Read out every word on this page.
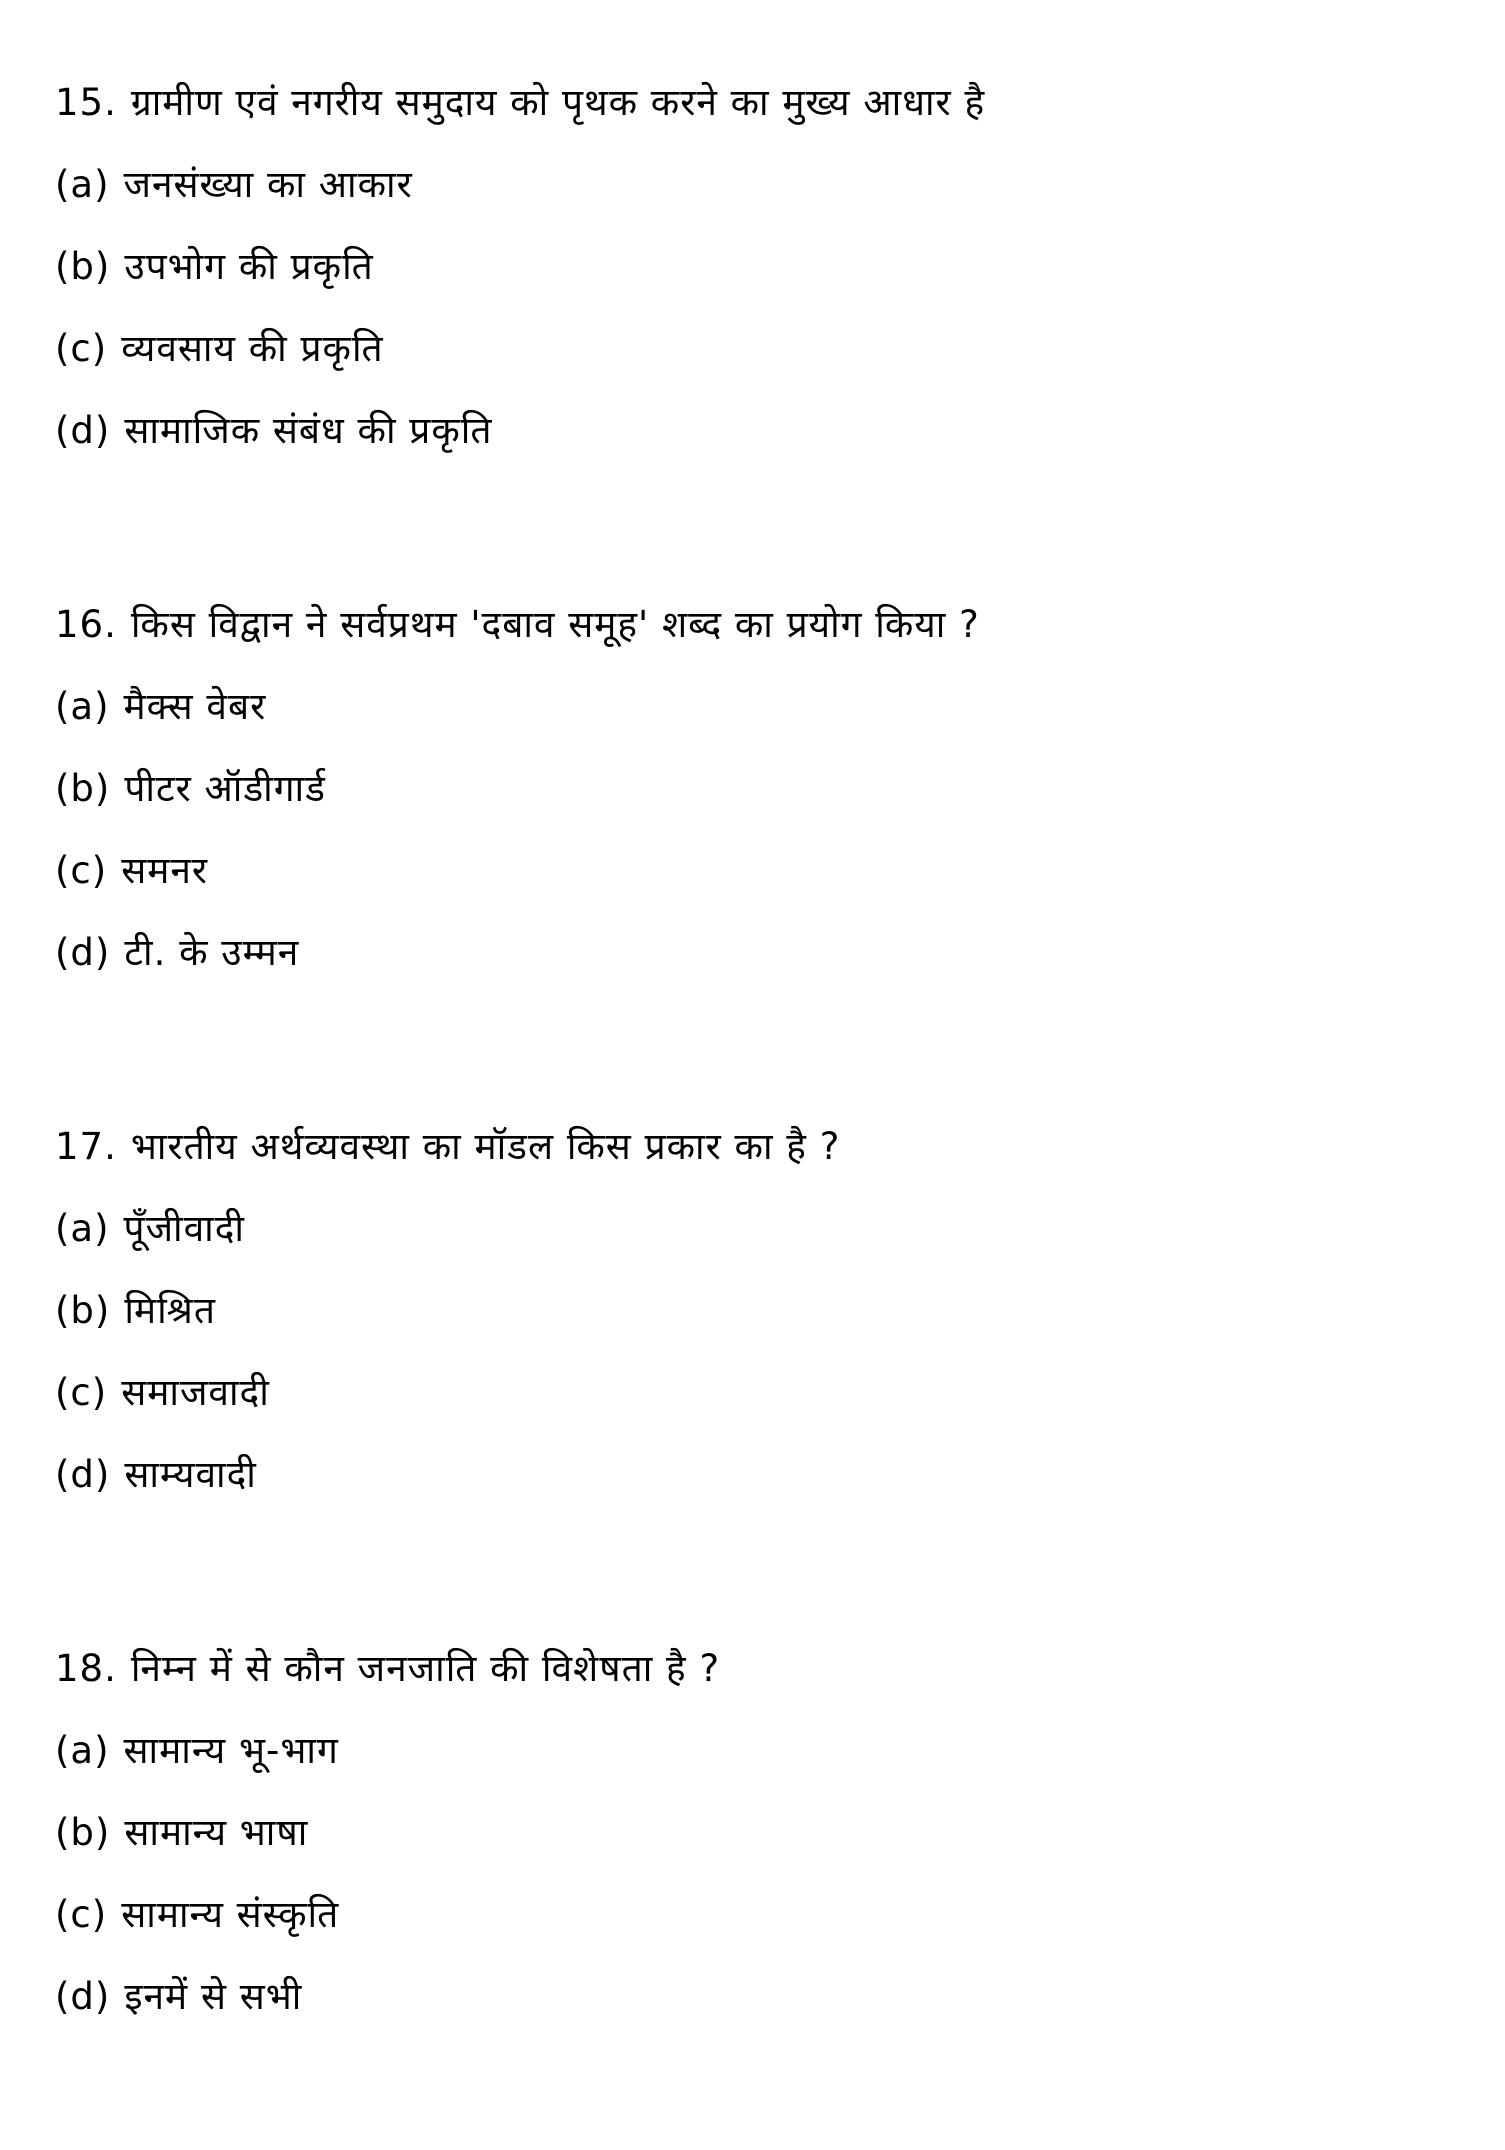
15. ग्रामीण एवं नगरीय समुदाय को पृथक करने का मुख्य आधार है
(a) जनसंख्या का आकार
(b) उपभोग की प्रकृति
(c) व्यवसाय की प्रकृति
(d) सामाजिक संबंध की प्रकृति
16. किस विद्वान ने सर्वप्रथम 'दबाव समूह' शब्द का प्रयोग किया ?
(a) मैक्स वेबर
(b) पीटर ऑडीगार्ड
(c) समनर
(d) टी. के उम्मन
17. भारतीय अर्थव्यवस्था का मॉडल किस प्रकार का है ?
(a) पूँजीवादी
(b) मिश्रित
(c) समाजवादी
(d) साम्यवादी
18. निम्न में से कौन जनजाति की विशेषता है ?
(a) सामान्य भू-भाग
(b) सामान्य भाषा
(c) सामान्य संस्कृति
(d) इनमें से सभी
